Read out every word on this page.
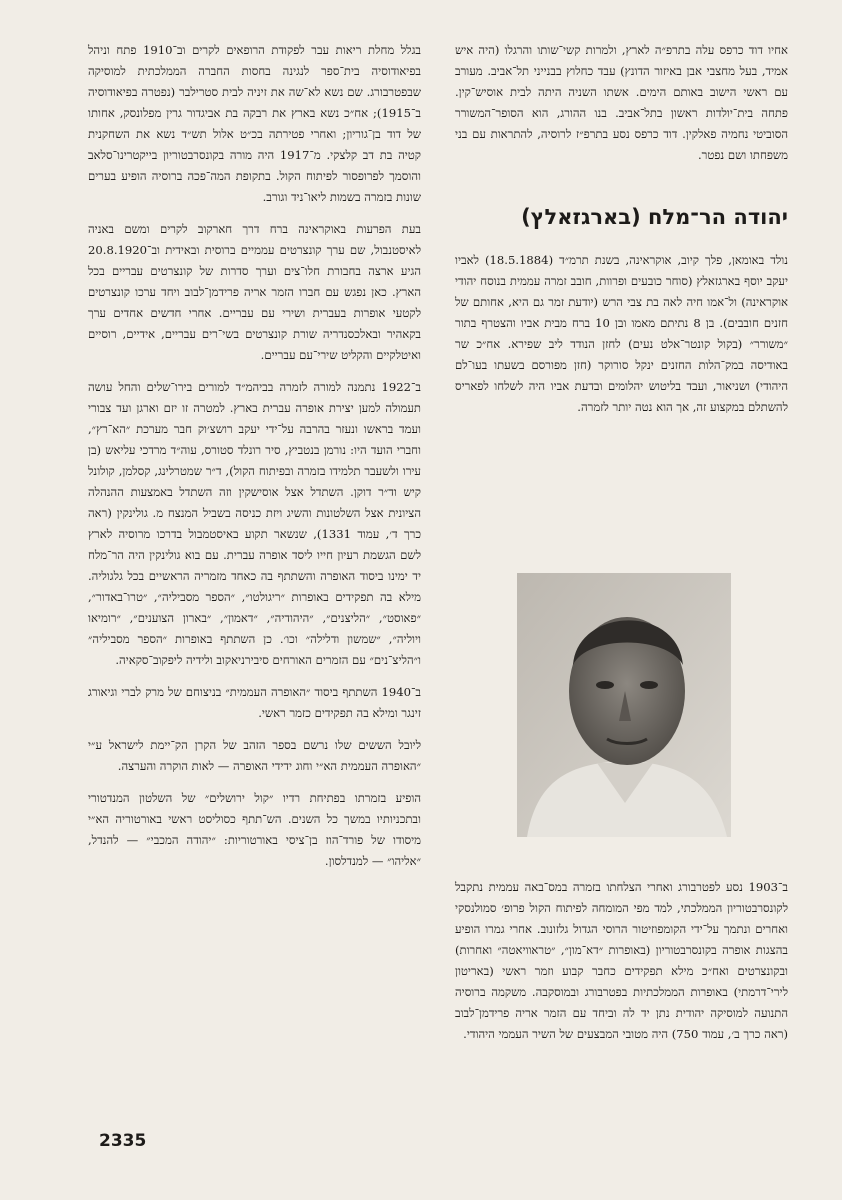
אחיו דוד כרפס עלה בתרפ״ה לארץ, ולמרות קשי־שותו והרגלו (היה איש אמיד, בעל מחצבי אבן באיזור הדונץ) עבד כחלוץ בבנייני תל־אביב. מעורב עם ראשי הישוב באותם הימים. אשתו השניה היתה לבית אוסיש־קין. פתחה בית־יולדות ראשון בתל־אביב. בנו ההורג, הוא הסופר־המשורר הסוביטי נחמיה פאלקין. דוד כרפס נסע בתרפ״ז לרוסיה, להתראות עם בני משפחתו ושם נפטר.

יהודה הר־מלח (בארגזאלץ)

נולד באומאן, פלך קיוב, אוקראינה, בשנת תרמ״ד (18.5.1884) לאביו יעקב יוסף בארגזאלץ (סוחר כובעים ופרוות, חובב זמרה עממית בנוסח יהודי אוקראינה) ול־אמו חיה לאה בת צבי הרש (יודעת זמר גם היא, אחותם של חזנים חובבים). בן 8 נתיתם מאמו ובן 10 ברח מבית אביו והצטרף בתור ״משורר״ (בקול קונטר־אלט נעים) לחזן הנודד ליב שפירא. אח״כ שר באודיסה במק־הלות החזנים ינקל סורוקר (חזן מפורסם בשעתו בעו־לם היהודי) ושניאור, ועבד בליטוש יהלומים ובדעת אביו היה לשלחו לפאריס להשתלם במקצוע זה, אך הוא נטה יותר לזמרה.

ב־1903 נסע לפטרבורג ואחרי הצלחתו בזמרה במס־באה עממית נתקבל לקונסרבטוריון הממלכתי, למד מפי המומחה לפיתוח הקול פרופ׳ סמולנסקי ואחרים ונתמך על־ידי הקומפוזיטור הרוסי הגדול גלזונוב. אחרי גמרו הופיע בהצגות אופרה בקונסרבטוריון (באופרות ״דא־מון״, ״טראוויאטה״ ואחרות) ובקונצרטים ואח״כ מילא תפקידים כחבר קבוע וזמר ראשי (באריטון לירי־דרמתי) באופרות הממלכתיות בפטרבורג ובמוסקבה. משקמה ברוסיה התנועה למוסיקה יהודית נתן יד לה וביחד עם הזמר אריה פרידמן־לבוב (ראה כרך ב׳, עמוד 750) היה מטובי המבצעים של השיר העממי היהודי.

בגלל מחלת ריאות עבר לפקודת הרופאים לקרים וב־1910 פתח וניהל בפיאודוסיה בית־ספר לנגינה בחסות החברה הממלכתית למוסיקה שבפטרבורג. שם נשא לא־שה את זיניה לבית סטרילבר (נפטרה בפיאודוסיה ב־1915); אח״כ נשא בארץ את רבקה בת אביגדור גרין מפלונסק, אחותו של דוד בן־גוריון; ואחרי פטירתה בכ״ט אלול תש״ד נשא את השחקנית קטיה בת דב קלצקי. מ־1917 היה מורה בקונסרבטוריון בייקטרינו־סלאב והוסמך לפרופסור לפיתוח הקול. בתקופת המה־פכה ברוסיה הופיע בערים שונות בזמרה בשמות ליאו־ניד וגורב.

בעת הפרעות באוקראינה ברח דרך חארקוב לקרים ומשם באניה לאיסטנבול, שם ערך קונצרטים עממיים ברוסית ובאידית וב־20.8.1920 הגיע ארצה בחבורת חלו־צים וערך סדרות של קונצרטים עבריים בכל הארץ. כאן נפגש עם חברו הזמר אריה פרידמן־לבוב ויחד ערכו קונצרטים לקטעי אופרות בעברית ושירי עם עבריים. אחרי חדשים אחדים ערך בקאהיר ובאלכסנדריה שורת קונצרטים בשי־רים עבריים, אידיים, רוסיים ואיטלקיים והקליט שירי־עם עבריים.

ב־1922 נתמנה למורה לזמרה בביהמ״ד למורים בירו־שלים והחל עושה תעמולה למען יצירת אופרה עברית בארץ. למטרה זו יזם וארגן ועד צבורי ועמד בראשו ונעזר בהרבה על־ידי יעקב רושצ׳וק חבר מערכת ״הא־רץ״, וחברי הועד היו: נורמן בנטביץ, סיר רונלד סטורס, עוה״ד מרדכי עליאש (בן עירו ולשעבר תלמידו בזמרה ובפיתוח הקול), ד״ר שמטרלינג, קסלמן, קולונל קיש וד״ר דוקן. השתדל אצל אוסישקין וזה השתדל באמצעות ההנהלה הציונית אצל השלטונות והשיג ויזת כניסה בשביל המנצח מ. גולינקין (ראה כרך ד׳, עמוד 1331), שנשאר תקוע באיסטמבול בדרכו מרוסיה לארץ לשם הגשמת רעיון חייו ליסד אופרה עברית. עם בוא גולינקין היה הר־מלח יד ימינו ביסוד האופרה והשתתף בה כאחד מזמריה הראשיים בכל גלגוליה. מילא בה תפקידים באופרות ״ריגולטו״, ״הספר מסביליה״, ״טרו־באדור״, ״פאוסט״, ״הליצנים״, ״היהודיה״, ״דאמון״, ״בארון הצוענים״, ״רומיאו ויוליה״, ״שמשון ודלילה״ וכו׳. כן השתתף באופרות ״הספר מסביליה״ ו״הליצ־נים״ עם הזמרים האורחים סיבירניאקוב ולידיה ליפקוב־סקאיה.

ב־1940 השתתף ביסוד ״האופרה העממית״ בניצוחם של מרק לברי וגיאורג זינגר ומילא בה תפקידים כזמר ראשי.

ליובל הששים שלו נרשם בספר הזהב של הקרן הק־יימת לישראל ע״י ״האופרה העממית הא״י וחוג ידידי האופרה — לאות הוקרה והערצה.

הופיע בזמרתו בפתיחת רדיו ״קול ירושלים״ של השלטון המנדטורי ובתכניותיו במשך כל השנים. הש־תתף כסוליסט ראשי באורטוריה הא״י מיסודו של פורד־הוז בן־ציסי באורטוריות: ״יהודה המכבי״ — להנדל, ״אליהו״ — למנדלסון.

2335
